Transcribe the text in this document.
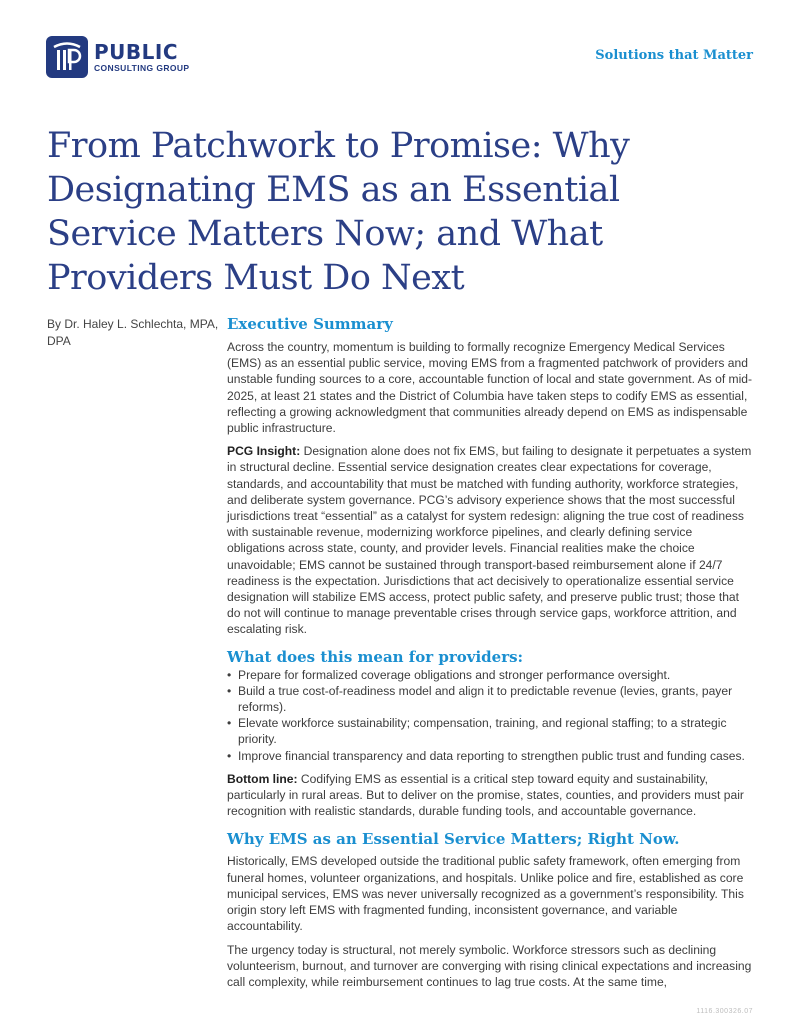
PUBLIC
CONSULTING GROUP
Solutions that Matter
From Patchwork to Promise: Why Designating EMS as an Essential Service Matters Now; and What Providers Must Do Next
By Dr. Haley L. Schlechta, MPA, DPA
Executive Summary

Across the country, momentum is building to formally recognize Emergency Medical Services (EMS) as an essential public service, moving EMS from a fragmented patchwork of providers and unstable funding sources to a core, accountable function of local and state government. As of mid-2025, at least 21 states and the District of Columbia have taken steps to codify EMS as essential, reflecting a growing acknowledgment that communities already depend on EMS as indispensable public infrastructure.

PCG Insight: Designation alone does not fix EMS, but failing to designate it perpetuates a system in structural decline. Essential service designation creates clear expectations for coverage, standards, and accountability that must be matched with funding authority, workforce strategies, and deliberate system governance. PCG’s advisory experience shows that the most successful jurisdictions treat “essential” as a catalyst for system redesign: aligning the true cost of readiness with sustainable revenue, modernizing workforce pipelines, and clearly defining service obligations across state, county, and provider levels. Financial realities make the choice unavoidable; EMS cannot be sustained through transport-based reimbursement alone if 24/7 readiness is the expectation. Jurisdictions that act decisively to operationalize essential service designation will stabilize EMS access, protect public safety, and preserve public trust; those that do not will continue to manage preventable crises through service gaps, workforce attrition, and escalating risk.

What does this mean for providers:
• Prepare for formalized coverage obligations and stronger performance oversight.
• Build a true cost-of-readiness model and align it to predictable revenue (levies, grants, payer reforms).
• Elevate workforce sustainability; compensation, training, and regional staffing; to a strategic priority.
• Improve financial transparency and data reporting to strengthen public trust and funding cases.

Bottom line: Codifying EMS as essential is a critical step toward equity and sustainability, particularly in rural areas. But to deliver on the promise, states, counties, and providers must pair recognition with realistic standards, durable funding tools, and accountable governance.

Why EMS as an Essential Service Matters; Right Now.

Historically, EMS developed outside the traditional public safety framework, often emerging from funeral homes, volunteer organizations, and hospitals. Unlike police and fire, established as core municipal services, EMS was never universally recognized as a government’s responsibility. This origin story left EMS with fragmented funding, inconsistent governance, and variable accountability.

The urgency today is structural, not merely symbolic. Workforce stressors such as declining volunteerism, burnout, and turnover are converging with rising clinical expectations and increasing call complexity, while reimbursement continues to lag true costs. At the same time,

1116.300326.07
